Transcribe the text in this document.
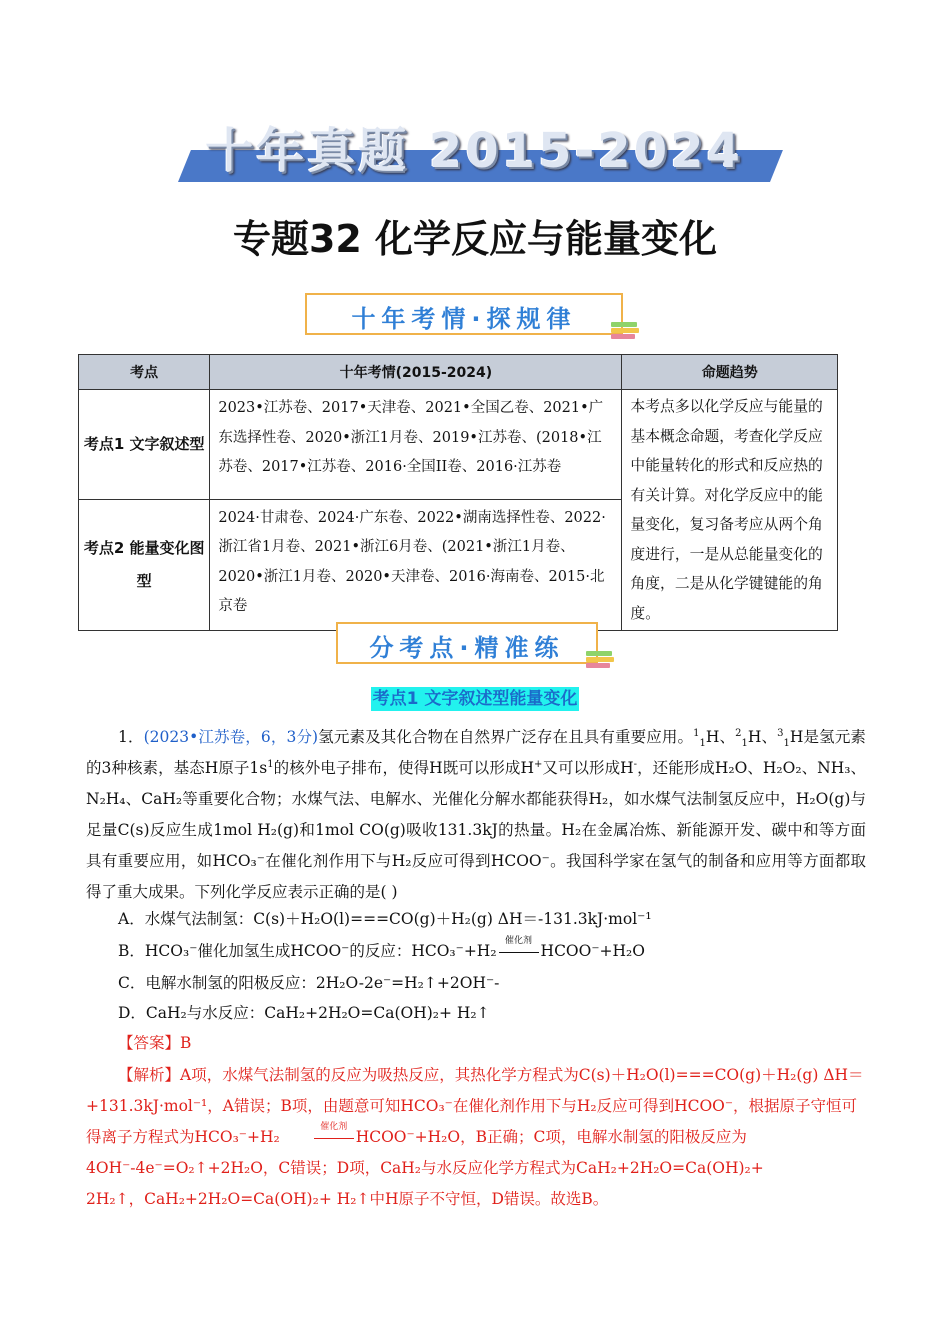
十年真题 2015-2024
专题32 化学反应与能量变化
十年考情·探规律
考点	十年考情(2015-2024)	命题趋势
考点1 文字叙述型	2023•江苏卷、2017•天津卷、2021•全国乙卷、2021•广东选择性卷、2020•浙江1月卷、2019•江苏卷、(2018•江苏卷、2017•江苏卷、2016·全国II卷、2016·江苏卷	本考点多以化学反应与能量的基本概念命题，考查化学反应中能量转化的形式和反应热的有关计算。对化学反应中的能量变化，复习备考应从两个角度进行，一是从总能量变化的角度，二是从化学键键能的角度。
考点2 能量变化图型	2024·甘肃卷、2024·广东卷、2022•湖南选择性卷、2022·浙江省1月卷、2021•浙江6月卷、(2021•浙江1月卷、2020•浙江1月卷、2020•天津卷、2016·海南卷、2015·北京卷	
分考点·精准练
考点1 文字叙述型能量变化
1．(2023•江苏卷，6，3分)氢元素及其化合物在自然界广泛存在且具有重要应用。$^1_1$H、$^2_1$H、$^3_1$H是氢元素的3种核素，基态H原子$1s^1$的核外电子排布，使得H既可以形成H+又可以形成H-，还能形成H₂O、H₂O₂、NH₃、N₂H₄、CaH₂等重要化合物；水煤气法、电解水、光催化分解水都能获得H₂，如水煤气法制氢反应中，H₂O(g)与足量C(s)反应生成1mol H₂(g)和1mol CO(g)吸收131.3kJ的热量。H₂在金属冶炼、新能源开发、碳中和等方面具有重要应用，如HCO₃⁻在催化剂作用下与H₂反应可得到HCOO⁻。我国科学家在氢气的制备和应用等方面都取得了重大成果。下列化学反应表示正确的是( )
A．水煤气法制氢：C(s)＋H₂O(l)===CO(g)＋H₂(g) ΔH＝-131.3kJ·mol⁻¹
B．HCO₃⁻催化加氢生成HCOO⁻的反应：HCO₃⁻+H₂
催化剂
HCOO⁻+H₂O
C．电解水制氢的阳极反应：2H₂O-2e⁻=H₂↑+2OH⁻-
D．CaH₂与水反应：CaH₂+2H₂O=Ca(OH)₂+ H₂↑
【答案】B
【解析】A项，水煤气法制氢的反应为吸热反应，其热化学方程式为C(s)＋H₂O(l)===CO(g)＋H₂(g) ΔH＝+131.3kJ·mol⁻¹，A错误；B项，由题意可知HCO₃⁻在催化剂作用下与H₂反应可得到HCOO⁻，根据原子守恒可得离子方程式为HCO₃⁻+H₂
催化剂
HCOO⁻+H₂O，B正确；C项，电解水制氢的阳极反应为4OH⁻-4e⁻=O₂↑+2H₂O，C错误；D项，CaH₂与水反应化学方程式为CaH₂+2H₂O=Ca(OH)₂+
2H₂↑，CaH₂+2H₂O=Ca(OH)₂+ H₂↑中H原子不守恒，D错误。故选B。
